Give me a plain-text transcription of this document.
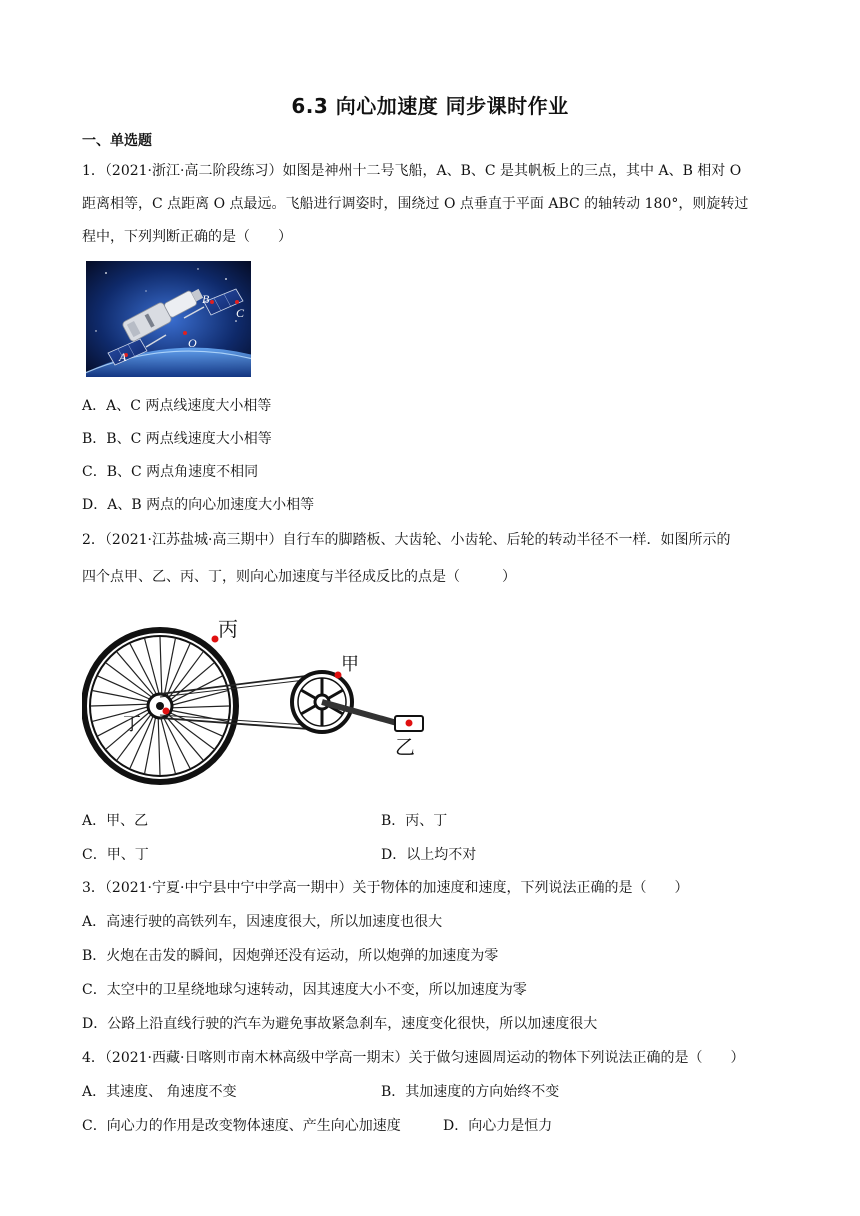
6.3 向心加速度 同步课时作业
一、单选题

1．（2021·浙江·高二阶段练习）如图是神州十二号飞船，A、B、C 是其帆板上的三点，其中 A、B 相对 O

距离相等，C 点距离 O 点最远。飞船进行调姿时，围绕过 O 点垂直于平面 ABC 的轴转动 180°，则旋转过

程中，下列判断正确的是（　　）

A
B
C
O
A．A、C 两点线速度大小相等
B．B、C 两点线速度大小相等
C．B、C 两点角速度不相同
D．A、B 两点的向心加速度大小相等

2．（2021·江苏盐城·高三期中）自行车的脚踏板、大齿轮、小齿轮、后轮的转动半径不一样．如图所示的

四个点甲、乙、丙、丁，则向心加速度与半径成反比的点是（　　　）

丙
甲
丁
乙
A．甲、乙	B．丙、丁
C．甲、丁	D．以上均不对
3．（2021·宁夏·中宁县中宁中学高一期中）关于物体的加速度和速度，下列说法正确的是（　　）
A．高速行驶的高铁列车，因速度很大，所以加速度也很大
B．火炮在击发的瞬间，因炮弹还没有运动，所以炮弹的加速度为零
C．太空中的卫星绕地球匀速转动，因其速度大小不变，所以加速度为零
D．公路上沿直线行驶的汽车为避免事故紧急刹车，速度变化很快，所以加速度很大
4．（2021·西藏·日喀则市南木林高级中学高一期末）关于做匀速圆周运动的物体下列说法正确的是（　　）
A．其速度、 角速度不变	B．其加速度的方向始终不变
C．向心力的作用是改变物体速度、产生向心加速度	D．向心力是恒力
